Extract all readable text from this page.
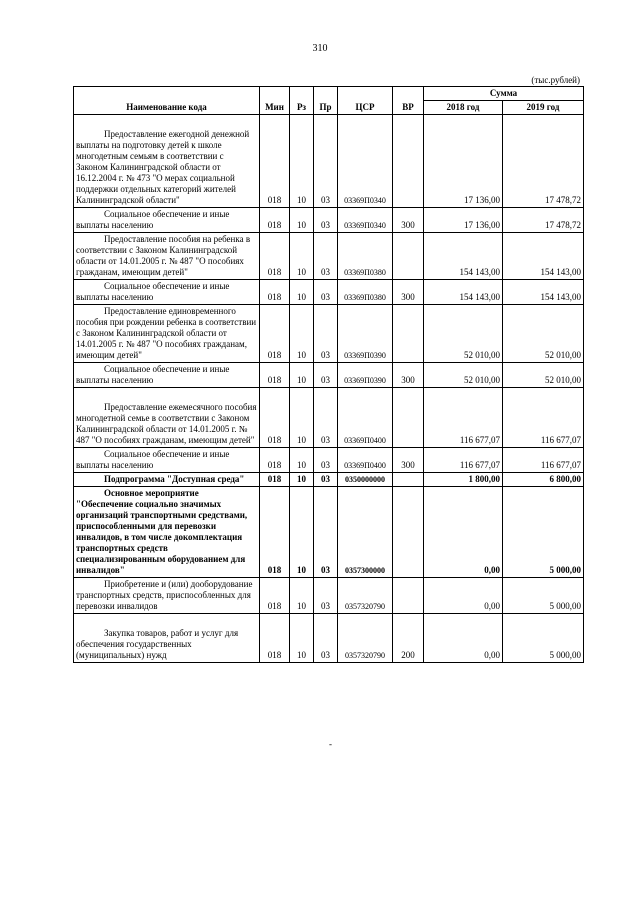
310
(тыс.рублей)
Наименование кода	Мин	Рз	Пр	ЦСР	ВР	Сумма	
						2018 год	2019 год

Предоставление ежегодной денежной выплаты на подготовку детей к школе многодетным семьям в соответствии с Законом Калининградской области от 16.12.2004 г. № 473 "О мерах социальной поддержки отдельных категорий жителей Калининградской области"	018	10	03	03369П0340		17 136,00	17 478,72

Социальное обеспечение и иные выплаты населению	018	10	03	03369П0340	300	17 136,00	17 478,72

Предоставление пособия на ребенка в соответствии с Законом Калининградской области от 14.01.2005 г. № 487 "О пособиях гражданам, имеющим детей"	018	10	03	03369П0380		154 143,00	154 143,00

Социальное обеспечение и иные выплаты населению	018	10	03	03369П0380	300	154 143,00	154 143,00

Предоставление единовременного пособия при рождении ребенка в соответствии с Законом Калининградской области от 14.01.2005 г. № 487 "О пособиях гражданам, имеющим детей"	018	10	03	03369П0390		52 010,00	52 010,00

Социальное обеспечение и иные выплаты населению	018	10	03	03369П0390	300	52 010,00	52 010,00

Предоставление ежемесячного пособия многодетной семье в соответствии с Законом Калининградской области от 14.01.2005 г. № 487 "О пособиях гражданам, имеющим детей"	018	10	03	03369П0400		116 677,07	116 677,07

Социальное обеспечение и иные выплаты населению	018	10	03	03369П0400	300	116 677,07	116 677,07

Подпрограмма "Доступная среда"	018	10	03	0350000000		1 800,00	6 800,00

Основное мероприятие "Обеспечение социально значимых организаций транспортными средствами, приспособленными для перевозки инвалидов, в том числе докомплектация транспортных средств специализированным оборудованием для инвалидов"	018	10	03	0357300000		0,00	5 000,00

Приобретение и (или) дооборудование транспортных средств, приспособленных для перевозки инвалидов	018	10	03	0357320790		0,00	5 000,00

Закупка товаров, работ и услуг для обеспечения государственных (муниципальных) нужд	018	10	03	0357320790	200	0,00	5 000,00
-
